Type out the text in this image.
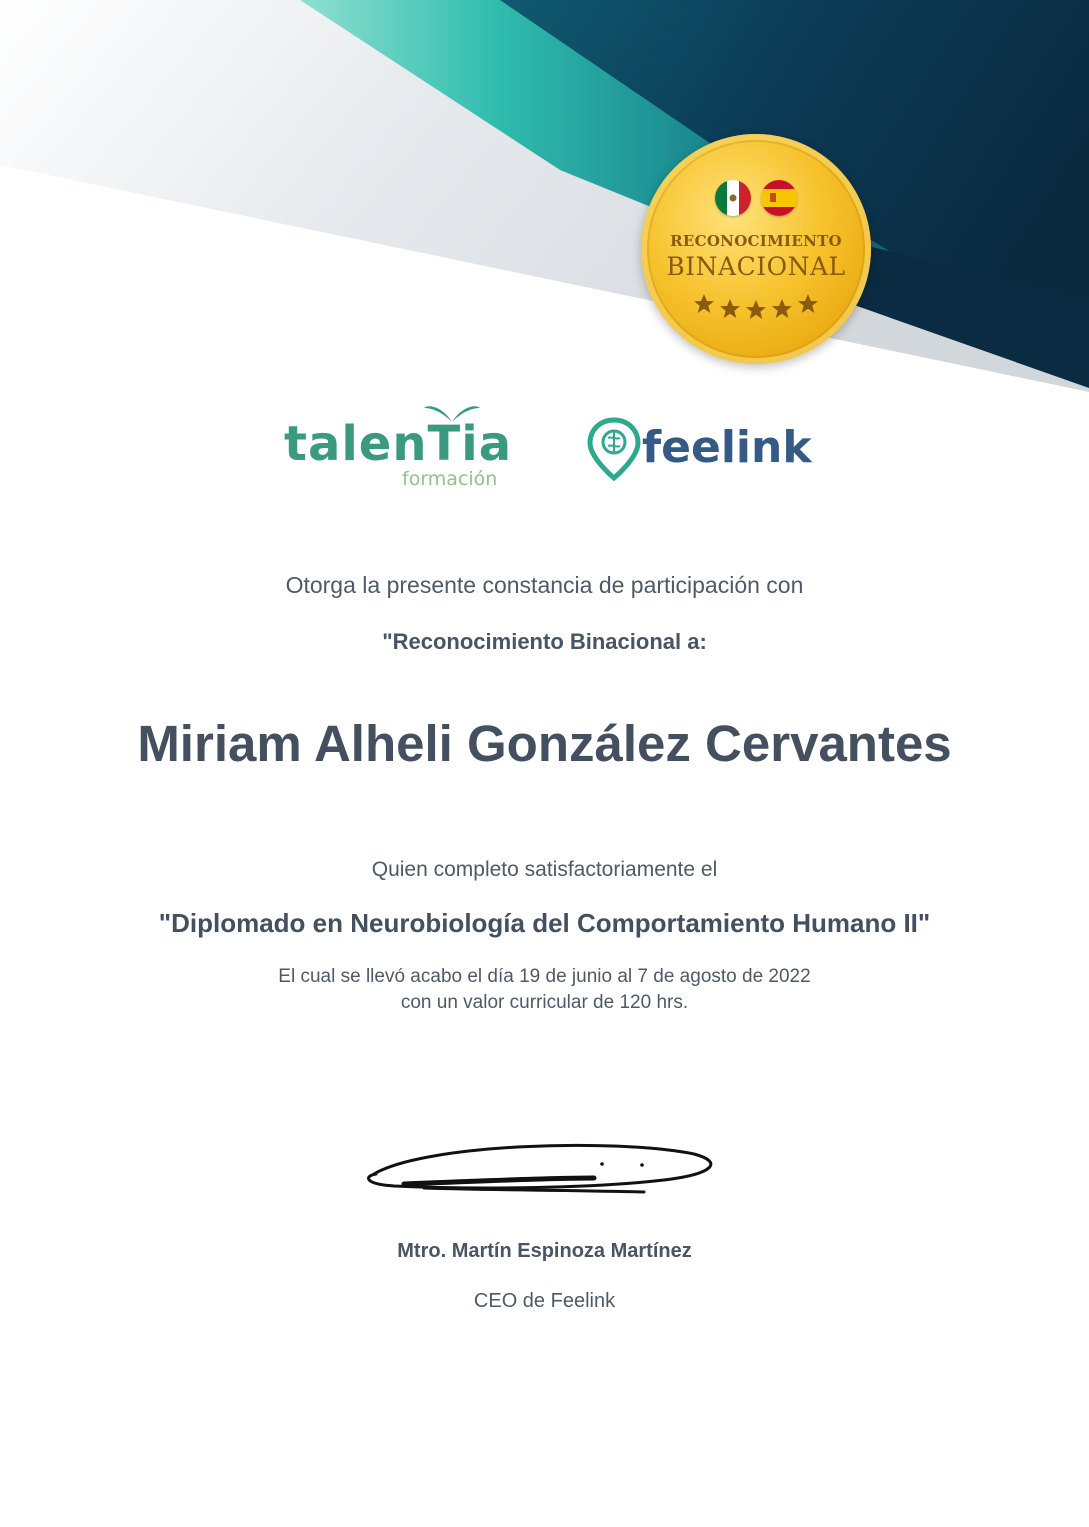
RECONOCIMIENTO
BINACIONAL
talenTia
formación
feelink
Otorga la presente constancia de participación con
"Reconocimiento Binacional a:
Miriam Alheli González Cervantes
Quien completo satisfactoriamente el
"Diplomado en Neurobiología del Comportamiento Humano II"
El cual se llevó acabo el día 19 de junio al 7 de agosto de 2022
con un valor curricular de 120 hrs.
Mtro. Martín Espinoza Martínez
CEO de Feelink
